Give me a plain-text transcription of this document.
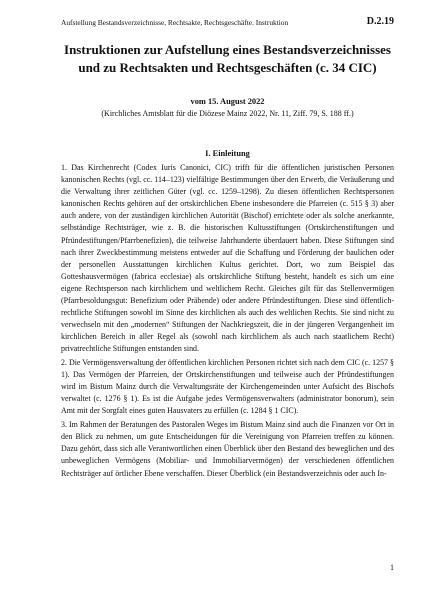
Aufstellung Bestandsverzeichnisse, Rechtsakte, Rechtsgeschäfte. Instruktion	D.2.19
Instruktionen zur Aufstellung eines Bestandsverzeichnisses und zu Rechtsakten und Rechtsgeschäften (c. 34 CIC)
vom 15. August 2022
(Kirchliches Amtsblatt für die Diözese Mainz 2022, Nr. 11, Ziff. 79, S. 188 ff.)
I. Einleitung

1. Das Kirchenrecht (Codex Iuris Canonici, CIC) trifft für die öffentlichen juristischen Personen kanonischen Rechts (vgl. cc. 114–123) vielfältige Bestimmungen über den Erwerb, die Veräußerung und die Verwaltung ihrer zeitlichen Güter (vgl. cc. 1259–1298). Zu diesen öffentlichen Rechtspersonen kanonischen Rechts gehören auf der ortskirchlichen Ebene insbesondere die Pfarreien (c. 515 § 3) aber auch andere, von der zuständigen kirchlichen Autorität (Bischof) errichtete oder als solche anerkannte, selbständige Rechtsträger, wie z. B. die historischen Kultusstiftungen (Ortskirchenstiftungen und Pfründestiftungen/Pfarrbenefizien), die teilweise Jahrhunderte überdauert haben. Diese Stiftungen sind nach ihrer Zweckbestimmung meistens entweder auf die Schaffung und Förderung der baulichen oder der personellen Ausstattungen kirchlichen Kultus gerichtet. Dort, wo zum Beispiel das Gotteshausvermögen (fabrica ecclesiae) als ortskirchliche Stiftung besteht, handelt es sich um eine eigene Rechtsperson nach kirchlichem und weltlichem Recht. Gleiches gilt für das Stellenvermögen (Pfarrbesoldungsgut: Benefizium oder Präbende) oder andere Pfründestiftungen. Diese sind öffentlich-rechtliche Stiftungen sowohl im Sinne des kirchlichen als auch des weltlichen Rechts. Sie sind nicht zu verwechseln mit den „modernen“ Stiftungen der Nachkriegszeit, die in der jüngeren Vergangenheit im kirchlichen Bereich in aller Regel als (sowohl nach kirchlichem als auch nach staatlichem Recht) privatrechtliche Stiftungen entstanden sind.

2. Die Vermögensverwaltung der öffentlichen kirchlichen Personen richtet sich nach dem CIC (c. 1257 § 1). Das Vermögen der Pfarreien, der Ortskirchenstiftungen und teilweise auch der Pfründestiftungen wird im Bistum Mainz durch die Verwaltungsräte der Kirchengemeinden unter Aufsicht des Bischofs verwaltet (c. 1276 § 1). Es ist die Aufgabe jedes Vermögensverwalters (administrator bonorum), sein Amt mit der Sorgfalt eines guten Hausvaters zu erfüllen (c. 1284 § 1 CIC).

3. Im Rahmen der Beratungen des Pastoralen Weges im Bistum Mainz sind auch die Finanzen vor Ort in den Blick zu nehmen, um gute Entscheidungen für die Vereinigung von Pfarreien treffen zu können. Dazu gehört, dass sich alle Verantwortlichen einen Überblick über den Bestand des beweglichen und des unbeweglichen Vermögens (Mobiliar- und Immobiliarvermögen) der verschiedenen öffentlichen Rechtsträger auf örtlicher Ebene verschaffen. Dieser Überblick (ein Bestandsverzeichnis oder auch In-

1
